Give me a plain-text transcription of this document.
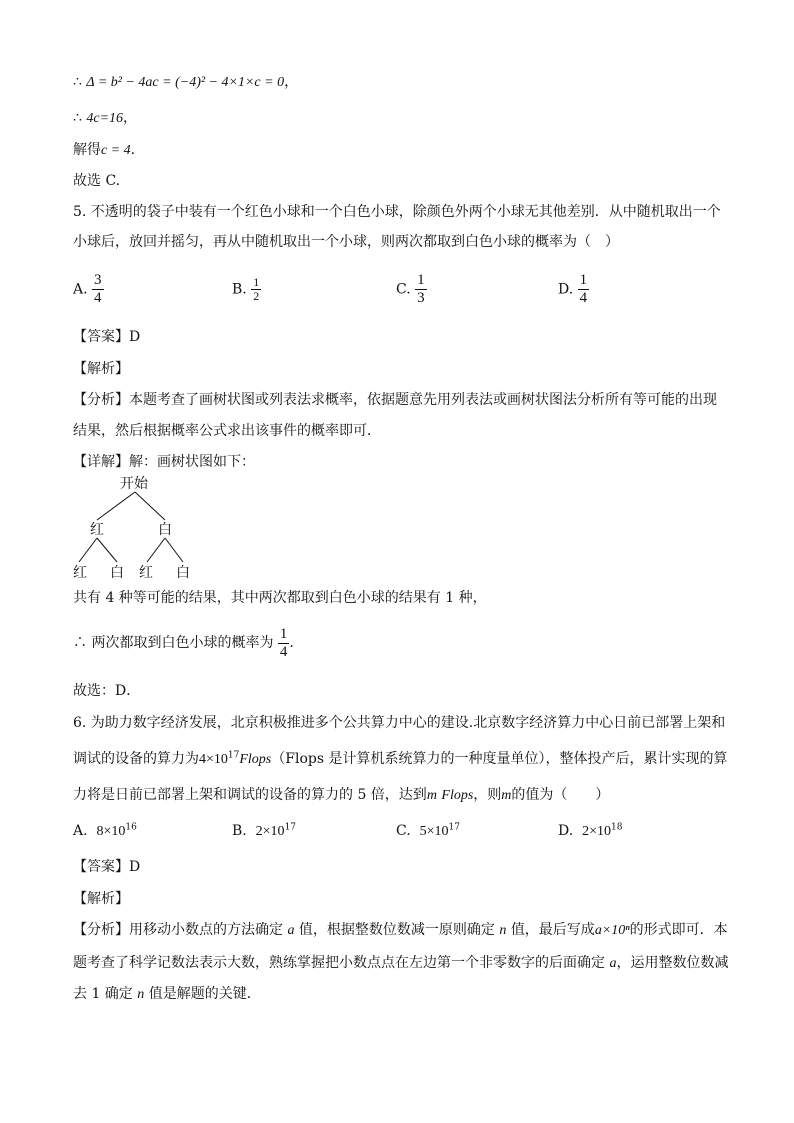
∴ Δ = b² − 4ac = (−4)² − 4×1×c = 0，
∴ 4c=16，
解得c = 4.
故选 C.
5. 不透明的袋子中装有一个红色小球和一个白色小球，除颜色外两个小球无其他差别．从中随机取出一个
小球后，放回并摇匀，再从中随机取出一个小球，则两次都取到白色小球的概率为（　）
A. $\frac{3}{4}$	B. $\frac{1}{2}$	C. $\frac{1}{3}$	D. $\frac{1}{4}$
【答案】D
【解析】
【分析】本题考查了画树状图或列表法求概率，依据题意先用列表法或画树状图法分析所有等可能的出现
结果，然后根据概率公式求出该事件的概率即可．
【详解】解：画树状图如下：
开始
红	白
红 白 红 白
共有 4 种等可能的结果，其中两次都取到白色小球的结果有 1 种，
∴ 两次都取到白色小球的概率为 $\frac{1}{4}$ .
故选：D．
6. 为助力数字经济发展，北京积极推进多个公共算力中心的建设.北京数字经济算力中心日前已部署上架和
调试的设备的算力为$4\times 10^{17}Flops(Flops$ 是计算机系统算力的一种度量单位），整体投产后，累计实现的算
力将是日前已部署上架和调试的设备的算力的 5 倍，达到m Flops，则m的值为（　　）
A. $8\times 10^{16}$	B. $2\times 10^{17}$	C. $5\times 10^{17}$	D. $2\times 10^{18}$
【答案】D
【解析】
【分析】用移动小数点的方法确定 a 值，根据整数位数减一原则确定 n 值，最后写成a×10ⁿ的形式即可．本
题考查了科学记数法表示大数，熟练掌握把小数点点在左边第一个非零数字的后面确定 a，运用整数位数减
去 1 确定 n 值是解题的关键．
